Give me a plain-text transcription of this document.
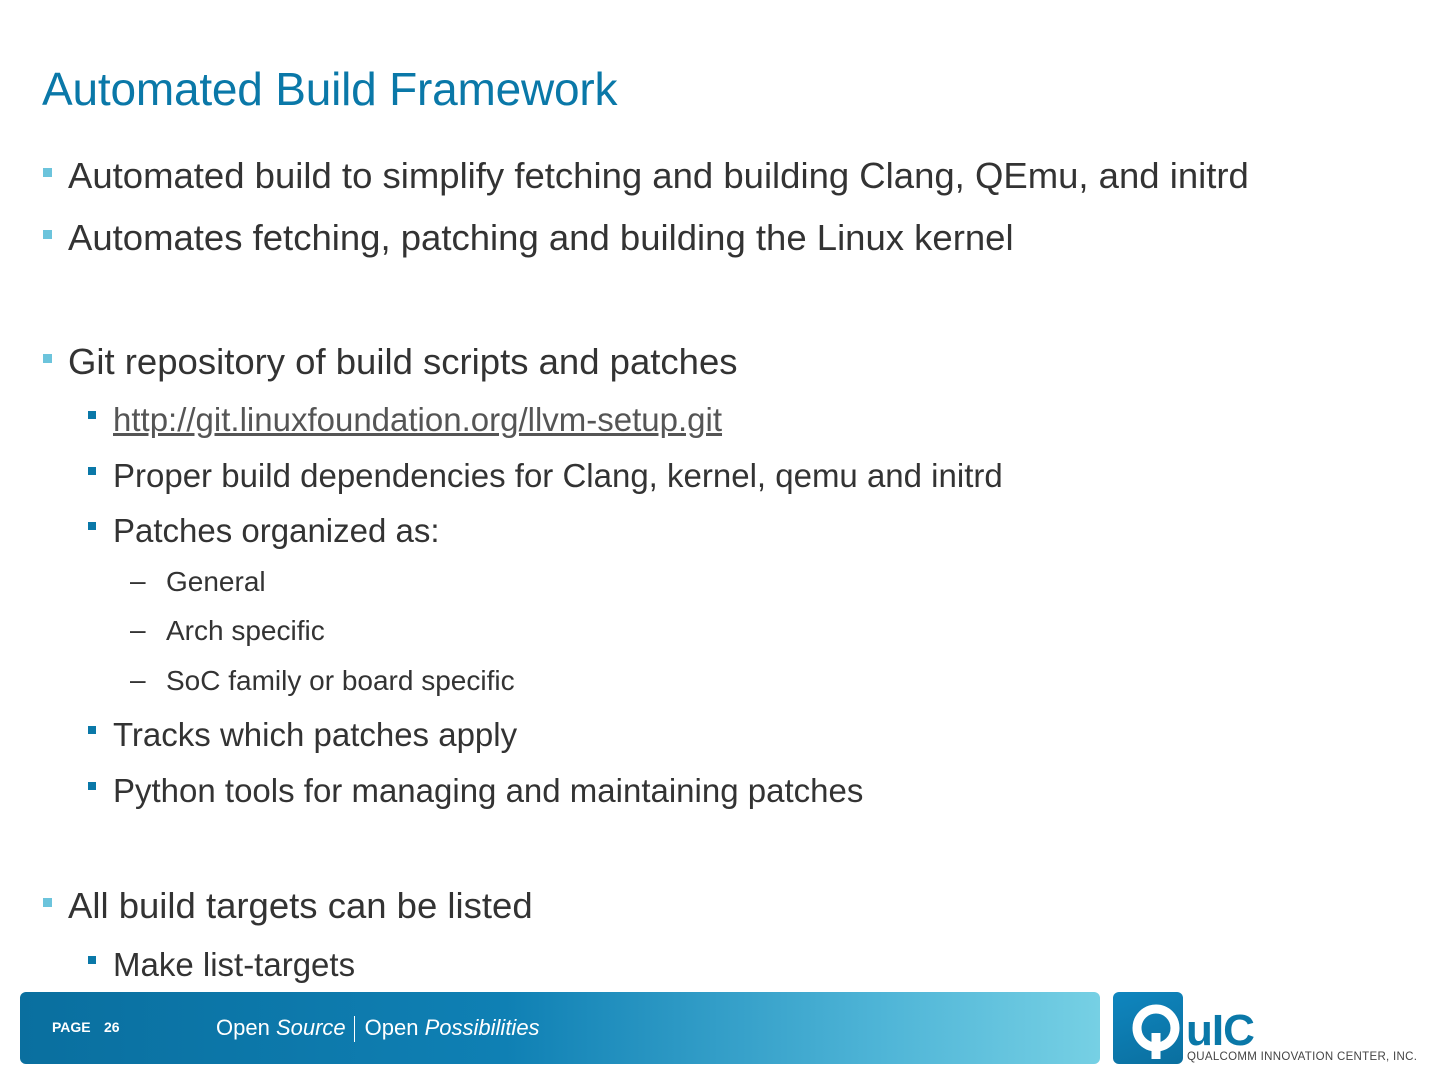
Automated Build Framework
Automated build to simplify fetching and building Clang, QEmu, and initrd
Automates fetching, patching and building the Linux kernel
Git repository of build scripts and patches
http://git.linuxfoundation.org/llvm-setup.git
Proper build dependencies for Clang, kernel, qemu and initrd
Patches organized as:
– General
– Arch specific
– SoC family or board specific
Tracks which patches apply
Python tools for managing and maintaining patches
All build targets can be listed
Make list-targets
PAGE 26	Open Source Open Possibilities	uIC
QUALCOMM INNOVATION CENTER, INC.
